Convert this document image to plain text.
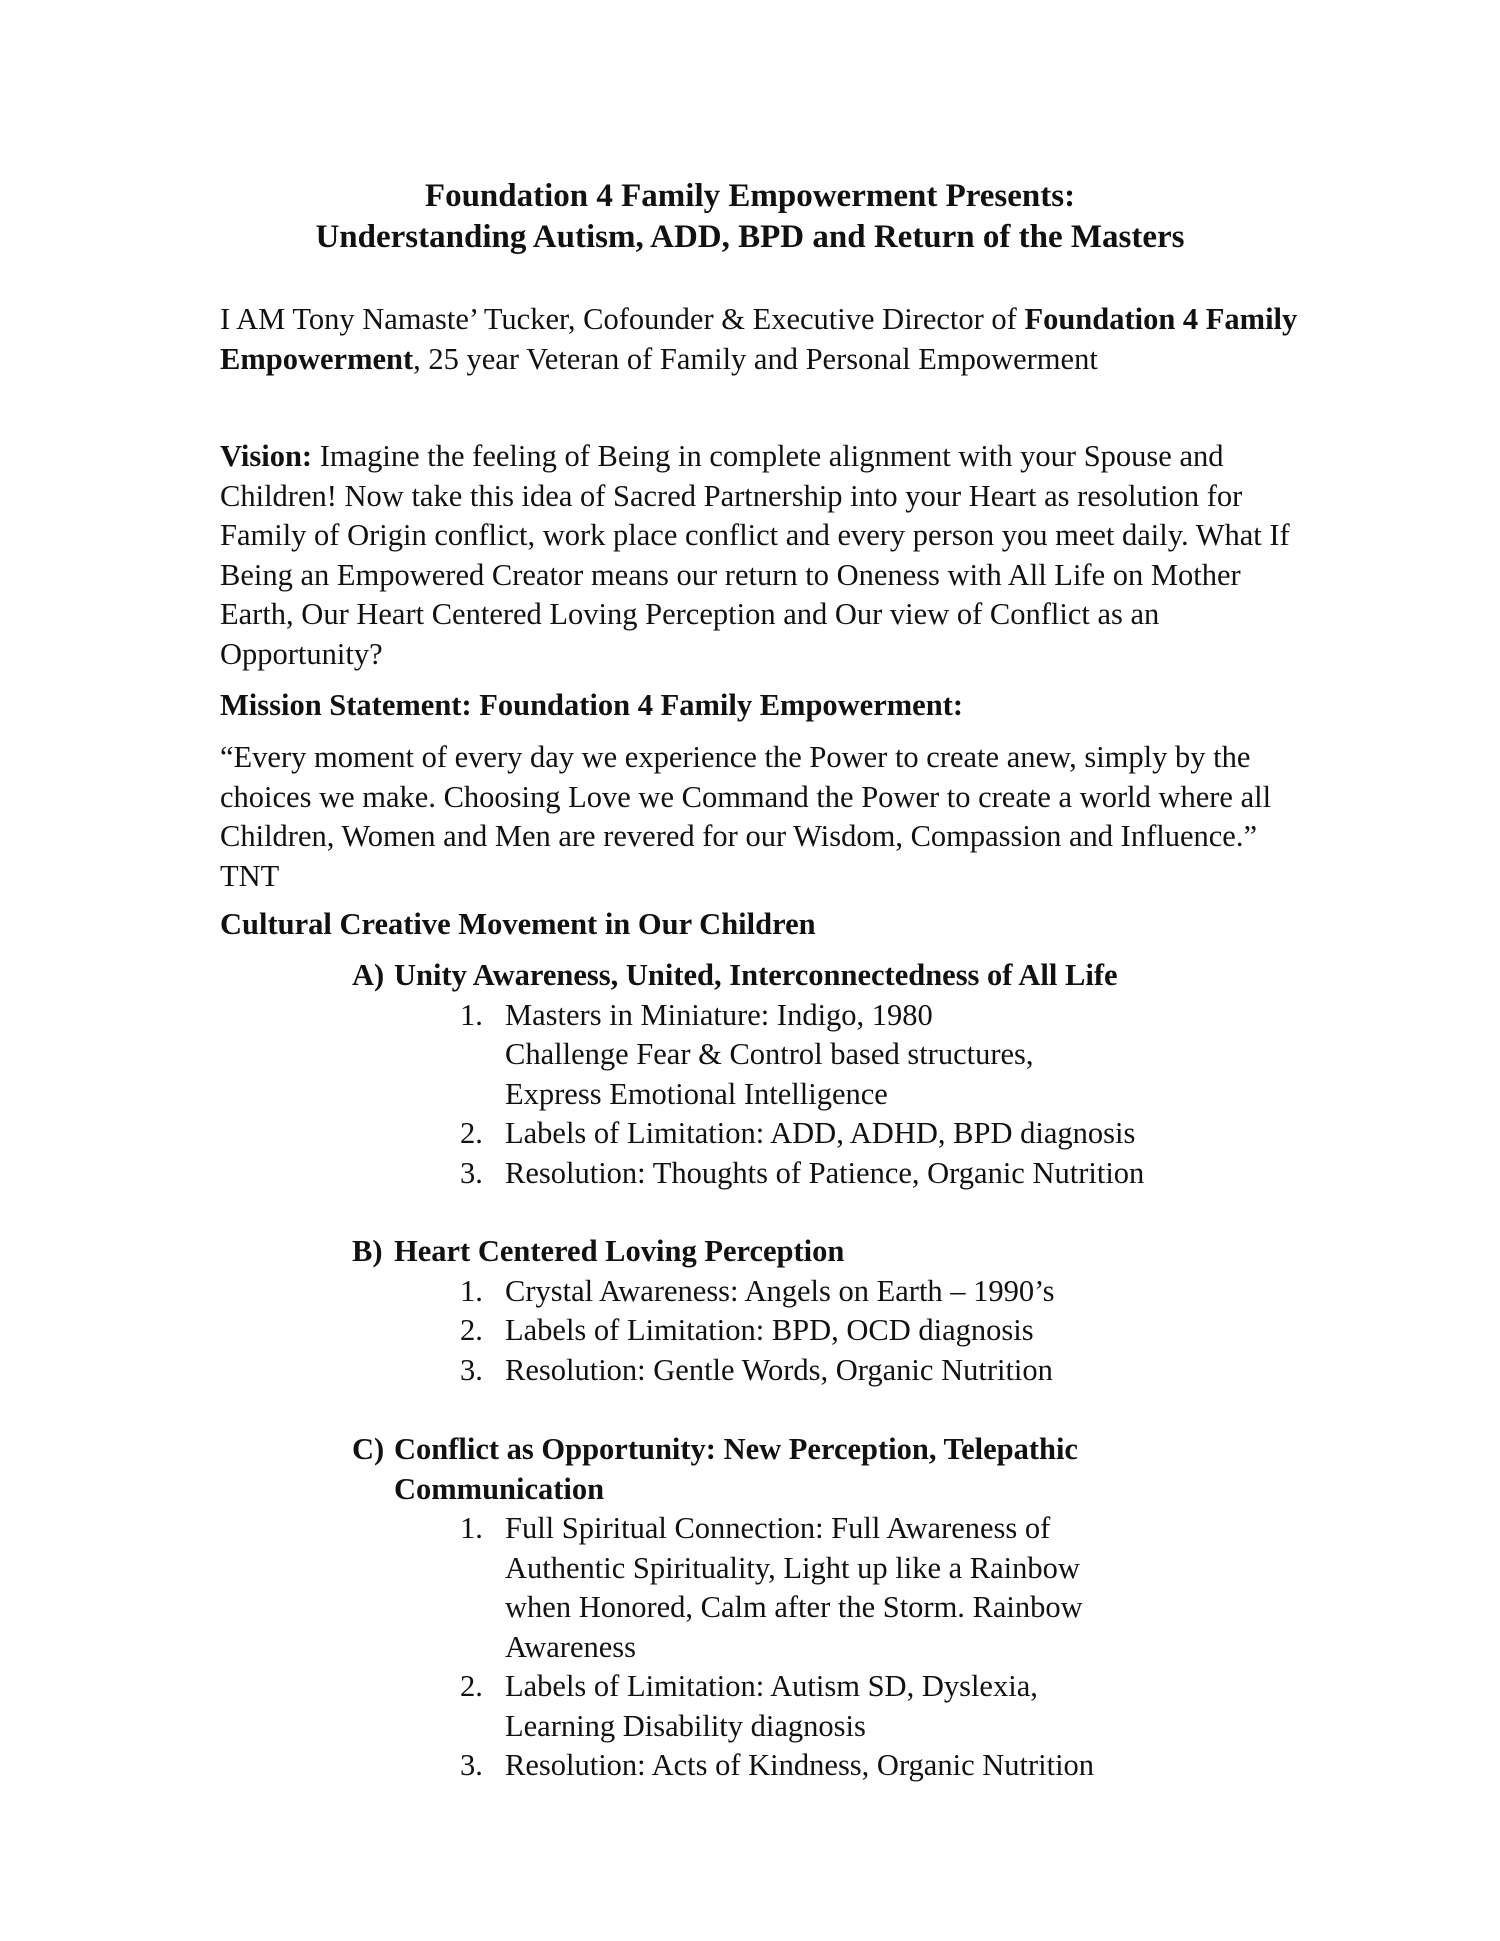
Foundation 4 Family Empowerment Presents:
Understanding Autism, ADD, BPD and Return of the Masters

I AM Tony Namaste’ Tucker, Cofounder & Executive Director of Foundation 4 Family Empowerment, 25 year Veteran of Family and Personal Empowerment

Vision: Imagine the feeling of Being in complete alignment with your Spouse and Children! Now take this idea of Sacred Partnership into your Heart as resolution for Family of Origin conflict, work place conflict and every person you meet daily. What If Being an Empowered Creator means our return to Oneness with All Life on Mother Earth, Our Heart Centered Loving Perception and Our view of Conflict as an Opportunity?

Mission Statement: Foundation 4 Family Empowerment:

“Every moment of every day we experience the Power to create anew, simply by the choices we make. Choosing Love we Command the Power to create a world where all Children, Women and Men are revered for our Wisdom, Compassion and Influence.” TNT

Cultural Creative Movement in Our Children
A) Unity Awareness, United, Interconnectedness of All Life
1. Masters in Miniature: Indigo, 1980 Challenge Fear & Control based structures, Express Emotional Intelligence
2. Labels of Limitation: ADD, ADHD, BPD diagnosis
3. Resolution: Thoughts of Patience, Organic Nutrition
B) Heart Centered Loving Perception
1. Crystal Awareness: Angels on Earth – 1990’s
2. Labels of Limitation: BPD, OCD diagnosis
3. Resolution: Gentle Words, Organic Nutrition
C) Conflict as Opportunity: New Perception, Telepathic Communication
1. Full Spiritual Connection: Full Awareness of Authentic Spirituality, Light up like a Rainbow when Honored, Calm after the Storm. Rainbow Awareness
2. Labels of Limitation: Autism SD, Dyslexia, Learning Disability diagnosis
3. Resolution: Acts of Kindness, Organic Nutrition
